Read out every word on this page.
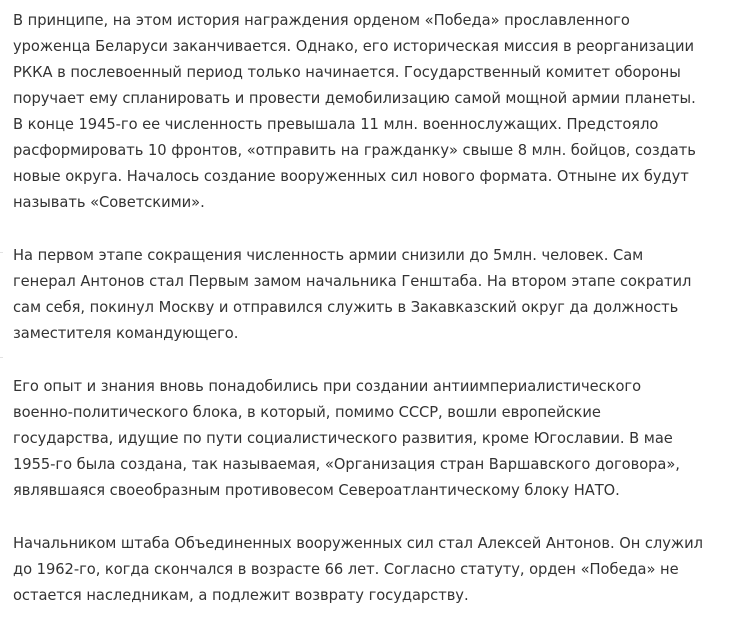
В принципе, на этом история награждения орденом «Победа» прославленного
уроженца Беларуси заканчивается. Однако, его историческая миссия в реорганизации
РККА в послевоенный период только начинается. Государственный комитет обороны
поручает ему спланировать и провести демобилизацию самой мощной армии планеты.
В конце 1945-го ее численность превышала 11 млн. военнослужащих. Предстояло
расформировать 10 фронтов, «отправить на гражданку» свыше 8 млн. бойцов, создать
новые округа. Началось создание вооруженных сил нового формата. Отныне их будут
называть «Советскими».

На первом этапе сокращения численность армии снизили до 5млн. человек. Сам
генерал Антонов стал Первым замом начальника Генштаба. На втором этапе сократил
сам себя, покинул Москву и отправился служить в Закавказский округ да должность
заместителя командующего.

Его опыт и знания вновь понадобились при создании антиимпериалистического
военно-политического блока, в который, помимо СССР, вошли европейские
государства, идущие по пути социалистического развития, кроме Югославии. В мае
1955-го была создана, так называемая, «Организация стран Варшавского договора»,
являвшаяся своеобразным противовесом Североатлантическому блоку НАТО.

Начальником штаба Объединенных вооруженных сил стал Алексей Антонов. Он служил
до 1962-го, когда скончался в возрасте 66 лет. Согласно статуту, орден «Победа» не
остается наследникам, а подлежит возврату государству.
